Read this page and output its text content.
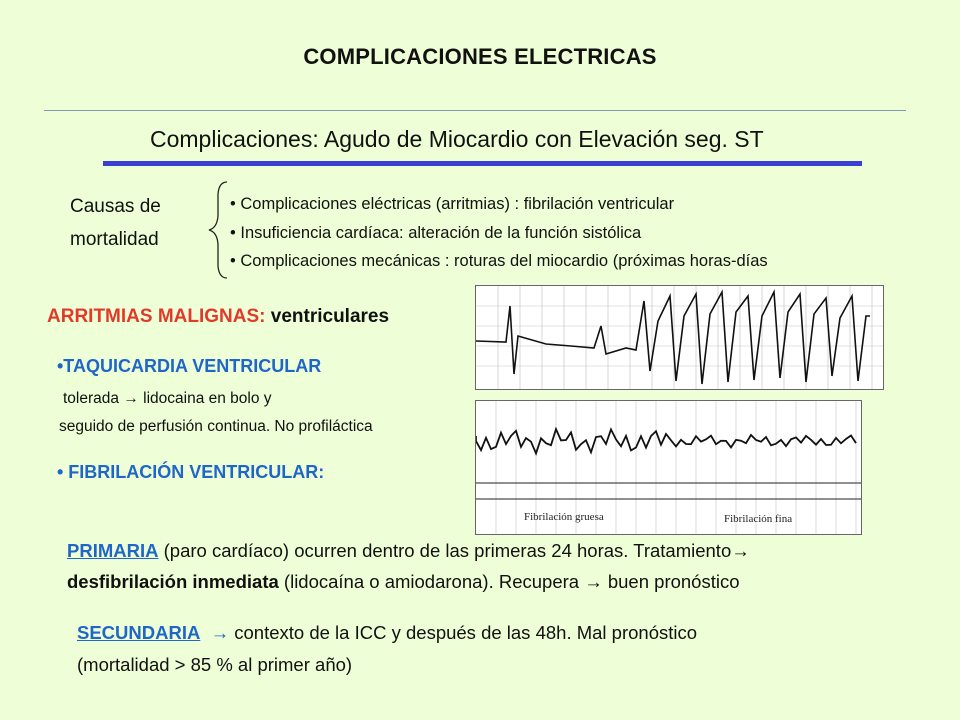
COMPLICACIONES ELECTRICAS
Complicaciones: Agudo de Miocardio con Elevación seg. ST
Causas de
mortalidad
• Complicaciones eléctricas (arritmias) : fibrilación ventricular
• Insuficiencia cardíaca: alteración de la función sistólica
• Complicaciones mecánicas : roturas del miocardio (próximas horas-días
ARRITMIAS MALIGNAS: ventriculares
•TAQUICARDIA VENTRICULAR
tolerada → lidocaina en bolo y
seguido de perfusión continua. No profiláctica
• FIBRILACIÓN VENTRICULAR:
Fibrilación gruesa	Fibrilación fina
PRIMARIA (paro cardíaco) ocurren dentro de las primeras 24 horas. Tratamiento→
desfibrilación inmediata (lidocaína o amiodarona). Recupera → buen pronóstico
SECUNDARIA → contexto de la ICC y después de las 48h. Mal pronóstico
(mortalidad > 85 % al primer año)
